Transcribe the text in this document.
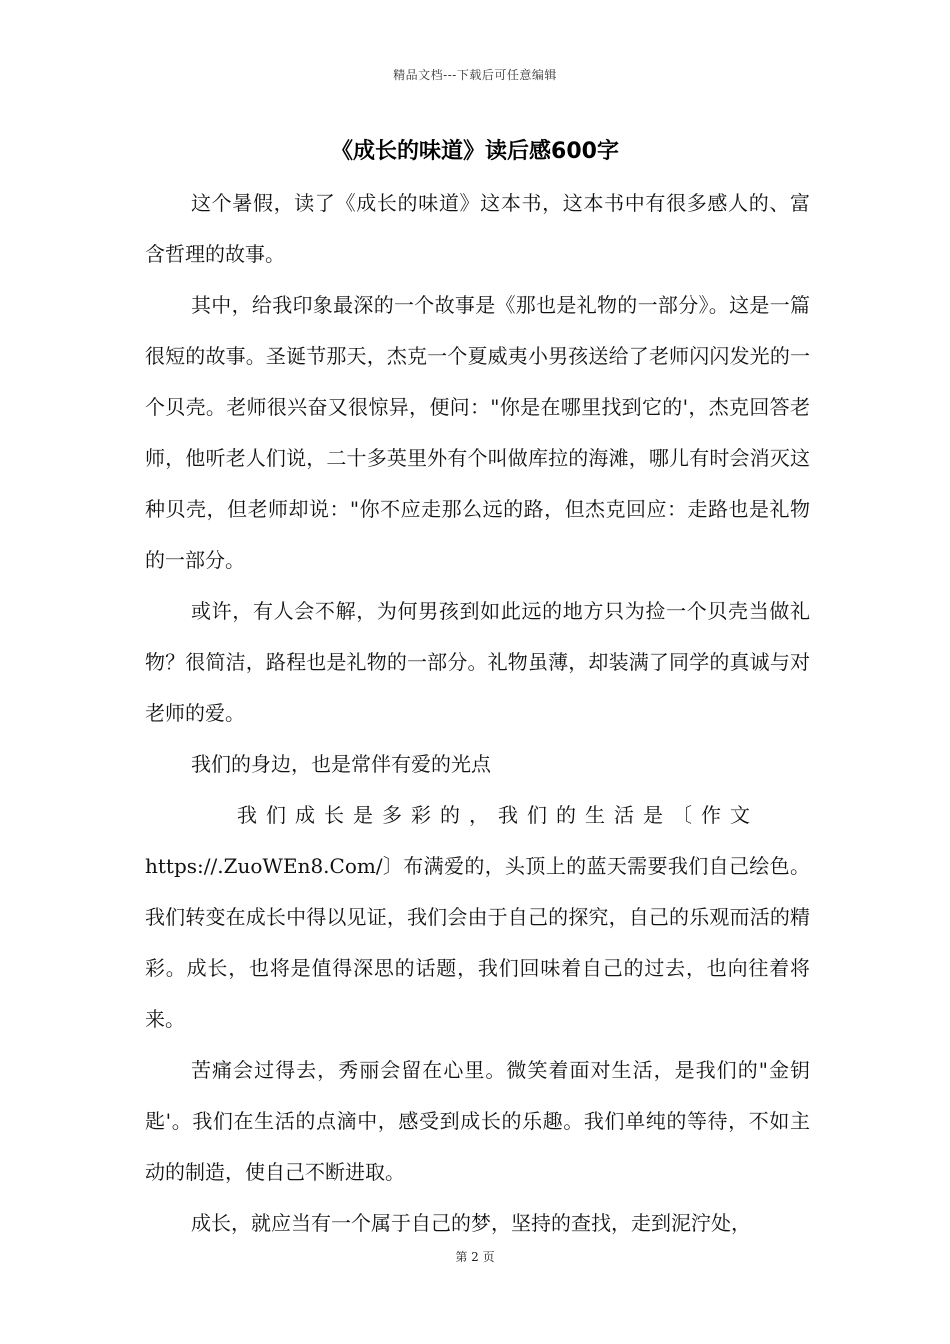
精品文档---下载后可任意编辑
《成长的味道》读后感600字

这个暑假，读了《成长的味道》这本书，这本书中有很多感人的、富含哲理的故事。

其中，给我印象最深的一个故事是《那也是礼物的一部分》。这是一篇很短的故事。圣诞节那天，杰克一个夏威夷小男孩送给了老师闪闪发光的一个贝壳。老师很兴奋又很惊异，便问："你是在哪里找到它的'，杰克回答老师，他听老人们说，二十多英里外有个叫做库拉的海滩，哪儿有时会消灭这种贝壳，但老师却说："你不应走那么远的路，但杰克回应：走路也是礼物的一部分。

或许，有人会不解，为何男孩到如此远的地方只为捡一个贝壳当做礼物？很简洁，路程也是礼物的一部分。礼物虽薄，却装满了同学的真诚与对老师的爱。

我们的身边，也是常伴有爱的光点

我们成长是多彩的，我们的生活是〔作文

https://.ZuoWEn8.Com/〕布满爱的，头顶上的蓝天需要我们自己绘色。我们转变在成长中得以见证，我们会由于自己的探究，自己的乐观而活的精彩。成长，也将是值得深思的话题，我们回味着自己的过去，也向往着将来。

苦痛会过得去，秀丽会留在心里。微笑着面对生活，是我们的"金钥匙'。我们在生活的点滴中，感受到成长的乐趣。我们单纯的等待，不如主动的制造，使自己不断进取。

成长，就应当有一个属于自己的梦，坚持的查找，走到泥泞处，

第 2 页
